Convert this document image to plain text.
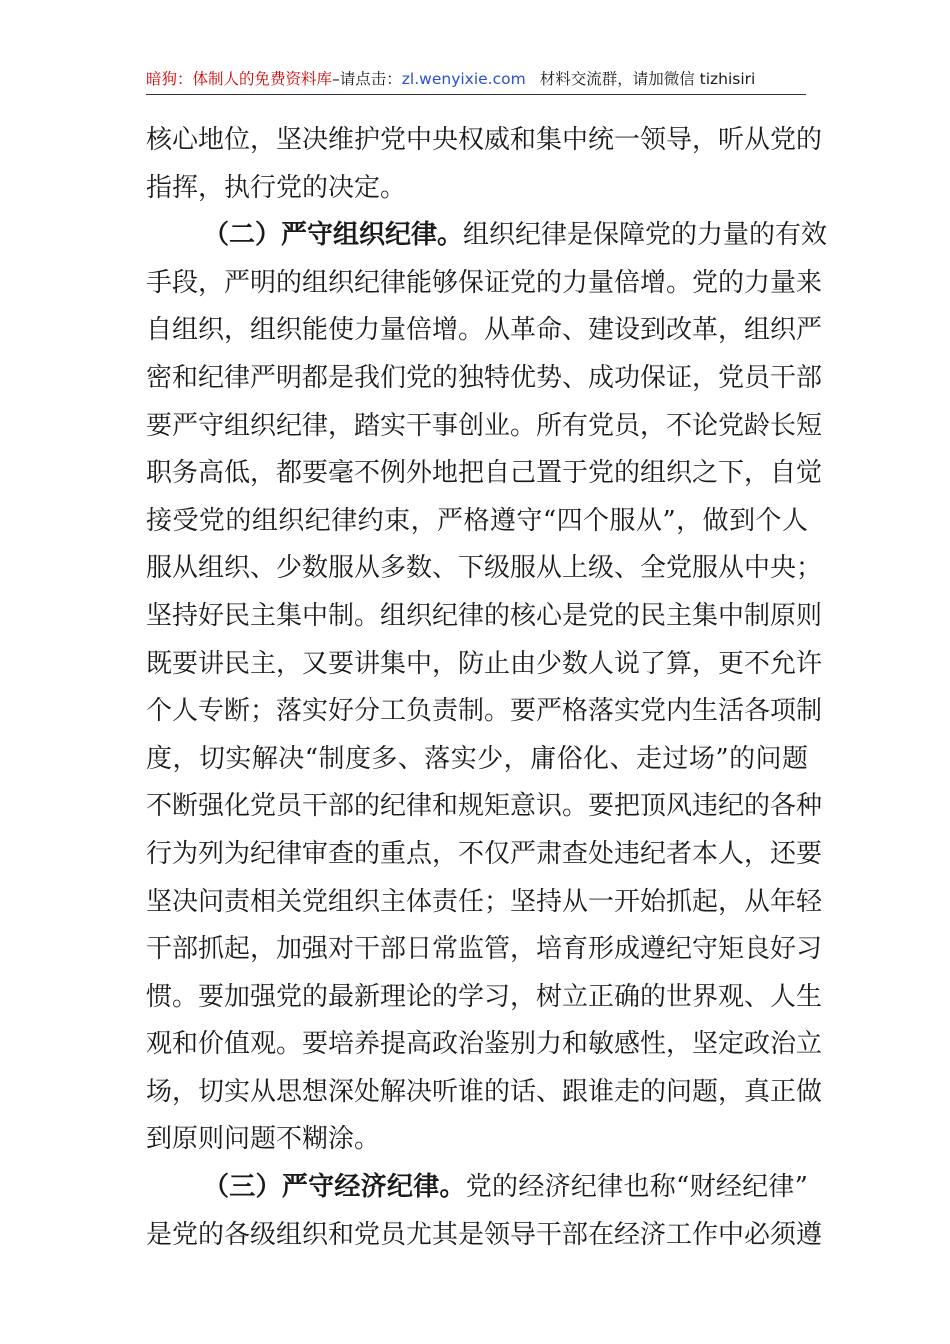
暗狗：体制人的免费资料库–请点击：zl.wenyixie.com 材料交流群，请加微信 tizhisiri
核心地位，坚决维护党中央权威和集中统一领导，听从党的
指挥，执行党的决定。
（二）严守组织纪律。组织纪律是保障党的力量的有效
手段，严明的组织纪律能够保证党的力量倍增。党的力量来
自组织，组织能使力量倍增。从革命、建设到改革，组织严
密和纪律严明都是我们党的独特优势、成功保证，党员干部
要严守组织纪律，踏实干事创业。所有党员，不论党龄长短
职务高低，都要毫不例外地把自己置于党的组织之下，自觉
接受党的组织纪律约束，严格遵守“四个服从”，做到个人
服从组织、少数服从多数、下级服从上级、全党服从中央；
坚持好民主集中制。组织纪律的核心是党的民主集中制原则
既要讲民主，又要讲集中，防止由少数人说了算，更不允许
个人专断；落实好分工负责制。要严格落实党内生活各项制
度，切实解决“制度多、落实少，庸俗化、走过场”的问题
不断强化党员干部的纪律和规矩意识。要把顶风违纪的各种
行为列为纪律审查的重点，不仅严肃查处违纪者本人，还要
坚决问责相关党组织主体责任；坚持从一开始抓起，从年轻
干部抓起，加强对干部日常监管，培育形成遵纪守矩良好习
惯。要加强党的最新理论的学习，树立正确的世界观、人生
观和价值观。要培养提高政治鉴别力和敏感性，坚定政治立
场，切实从思想深处解决听谁的话、跟谁走的问题，真正做
到原则问题不糊涂。
（三）严守经济纪律。党的经济纪律也称“财经纪律”
是党的各级组织和党员尤其是领导干部在经济工作中必须遵
